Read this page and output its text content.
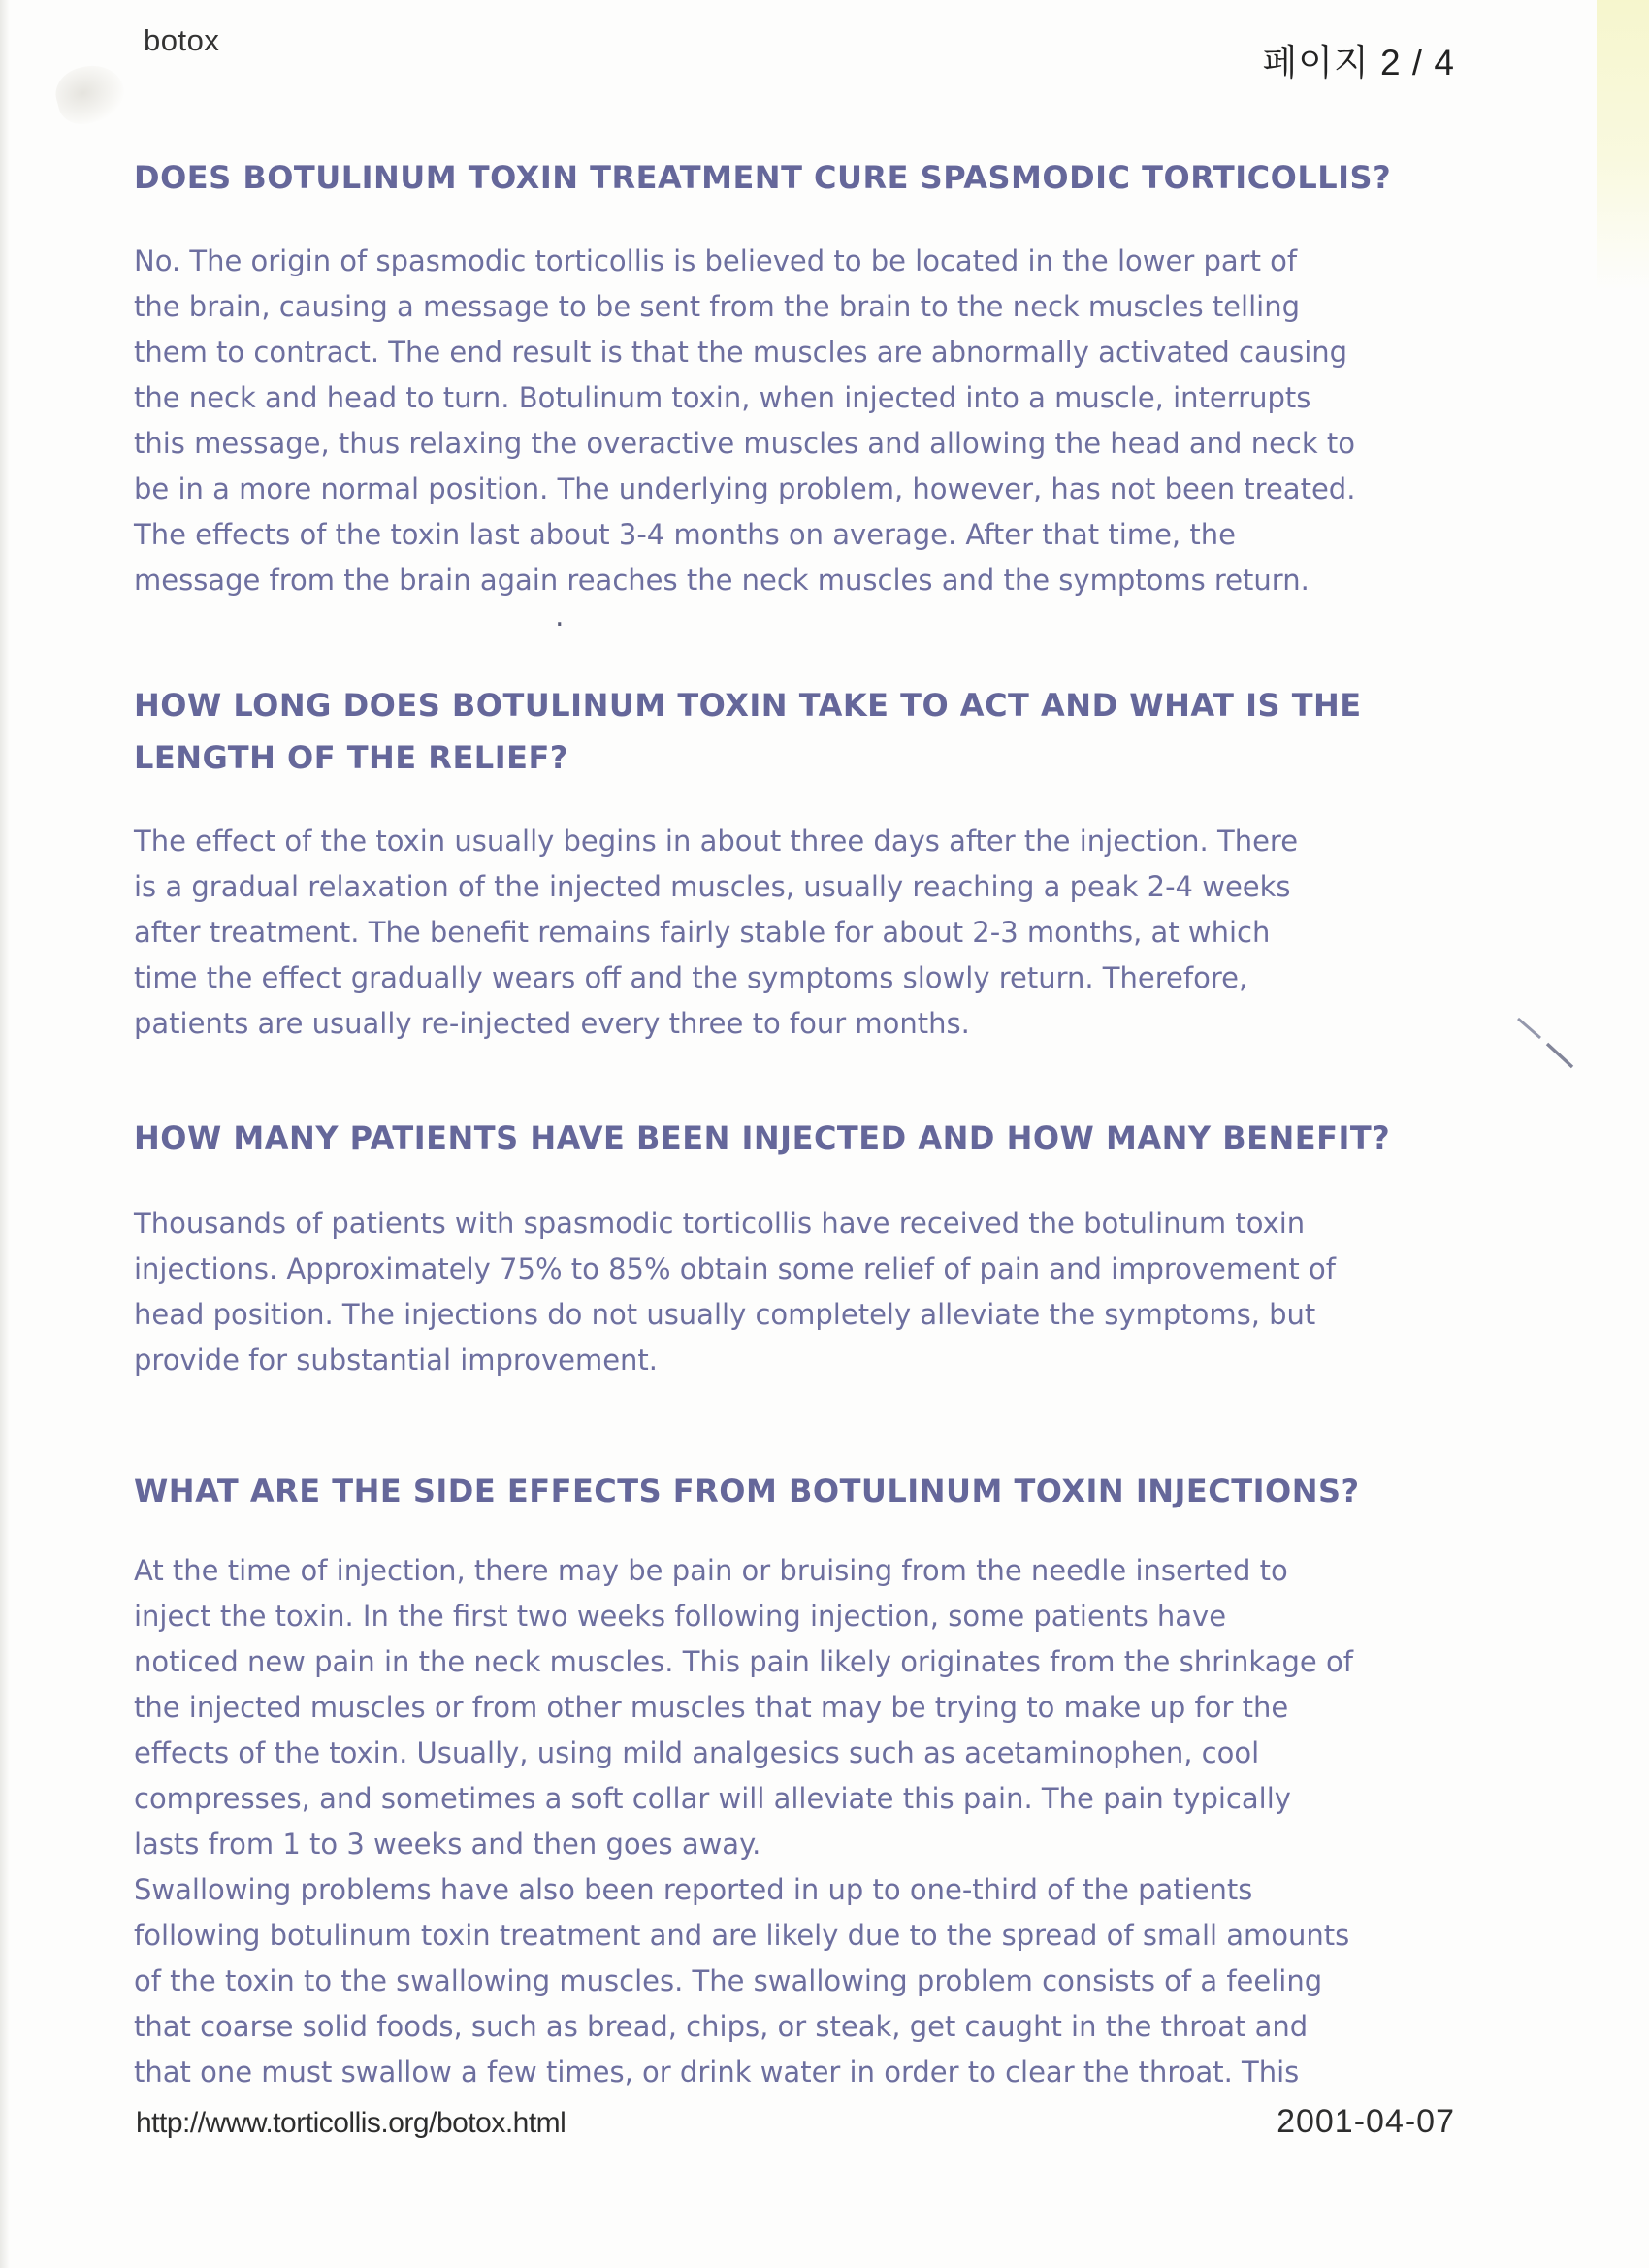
botox
페이지 2 / 4
DOES BOTULINUM TOXIN TREATMENT CURE SPASMODIC TORTICOLLIS?
No. The origin of spasmodic torticollis is believed to be located in the lower part of
the brain, causing a message to be sent from the brain to the neck muscles telling
them to contract. The end result is that the muscles are abnormally activated causing
the neck and head to turn. Botulinum toxin, when injected into a muscle, interrupts
this message, thus relaxing the overactive muscles and allowing the head and neck to
be in a more normal position. The underlying problem, however, has not been treated.
The effects of the toxin last about 3-4 months on average. After that time, the
message from the brain again reaches the neck muscles and the symptoms return.
.
HOW LONG DOES BOTULINUM TOXIN TAKE TO ACT AND WHAT IS THE
LENGTH OF THE RELIEF?
The effect of the toxin usually begins in about three days after the injection. There
is a gradual relaxation of the injected muscles, usually reaching a peak 2-4 weeks
after treatment. The benefit remains fairly stable for about 2-3 months, at which
time the effect gradually wears off and the symptoms slowly return. Therefore,
patients are usually re-injected every three to four months.
HOW MANY PATIENTS HAVE BEEN INJECTED AND HOW MANY BENEFIT?
Thousands of patients with spasmodic torticollis have received the botulinum toxin
injections. Approximately 75% to 85% obtain some relief of pain and improvement of
head position. The injections do not usually completely alleviate the symptoms, but
provide for substantial improvement.
WHAT ARE THE SIDE EFFECTS FROM BOTULINUM TOXIN INJECTIONS?
At the time of injection, there may be pain or bruising from the needle inserted to
inject the toxin. In the first two weeks following injection, some patients have
noticed new pain in the neck muscles. This pain likely originates from the shrinkage of
the injected muscles or from other muscles that may be trying to make up for the
effects of the toxin. Usually, using mild analgesics such as acetaminophen, cool
compresses, and sometimes a soft collar will alleviate this pain. The pain typically
lasts from 1 to 3 weeks and then goes away.
Swallowing problems have also been reported in up to one-third of the patients
following botulinum toxin treatment and are likely due to the spread of small amounts
of the toxin to the swallowing muscles. The swallowing problem consists of a feeling
that coarse solid foods, such as bread, chips, or steak, get caught in the throat and
that one must swallow a few times, or drink water in order to clear the throat. This
http://www.torticollis.org/botox.html	2001-04-07
